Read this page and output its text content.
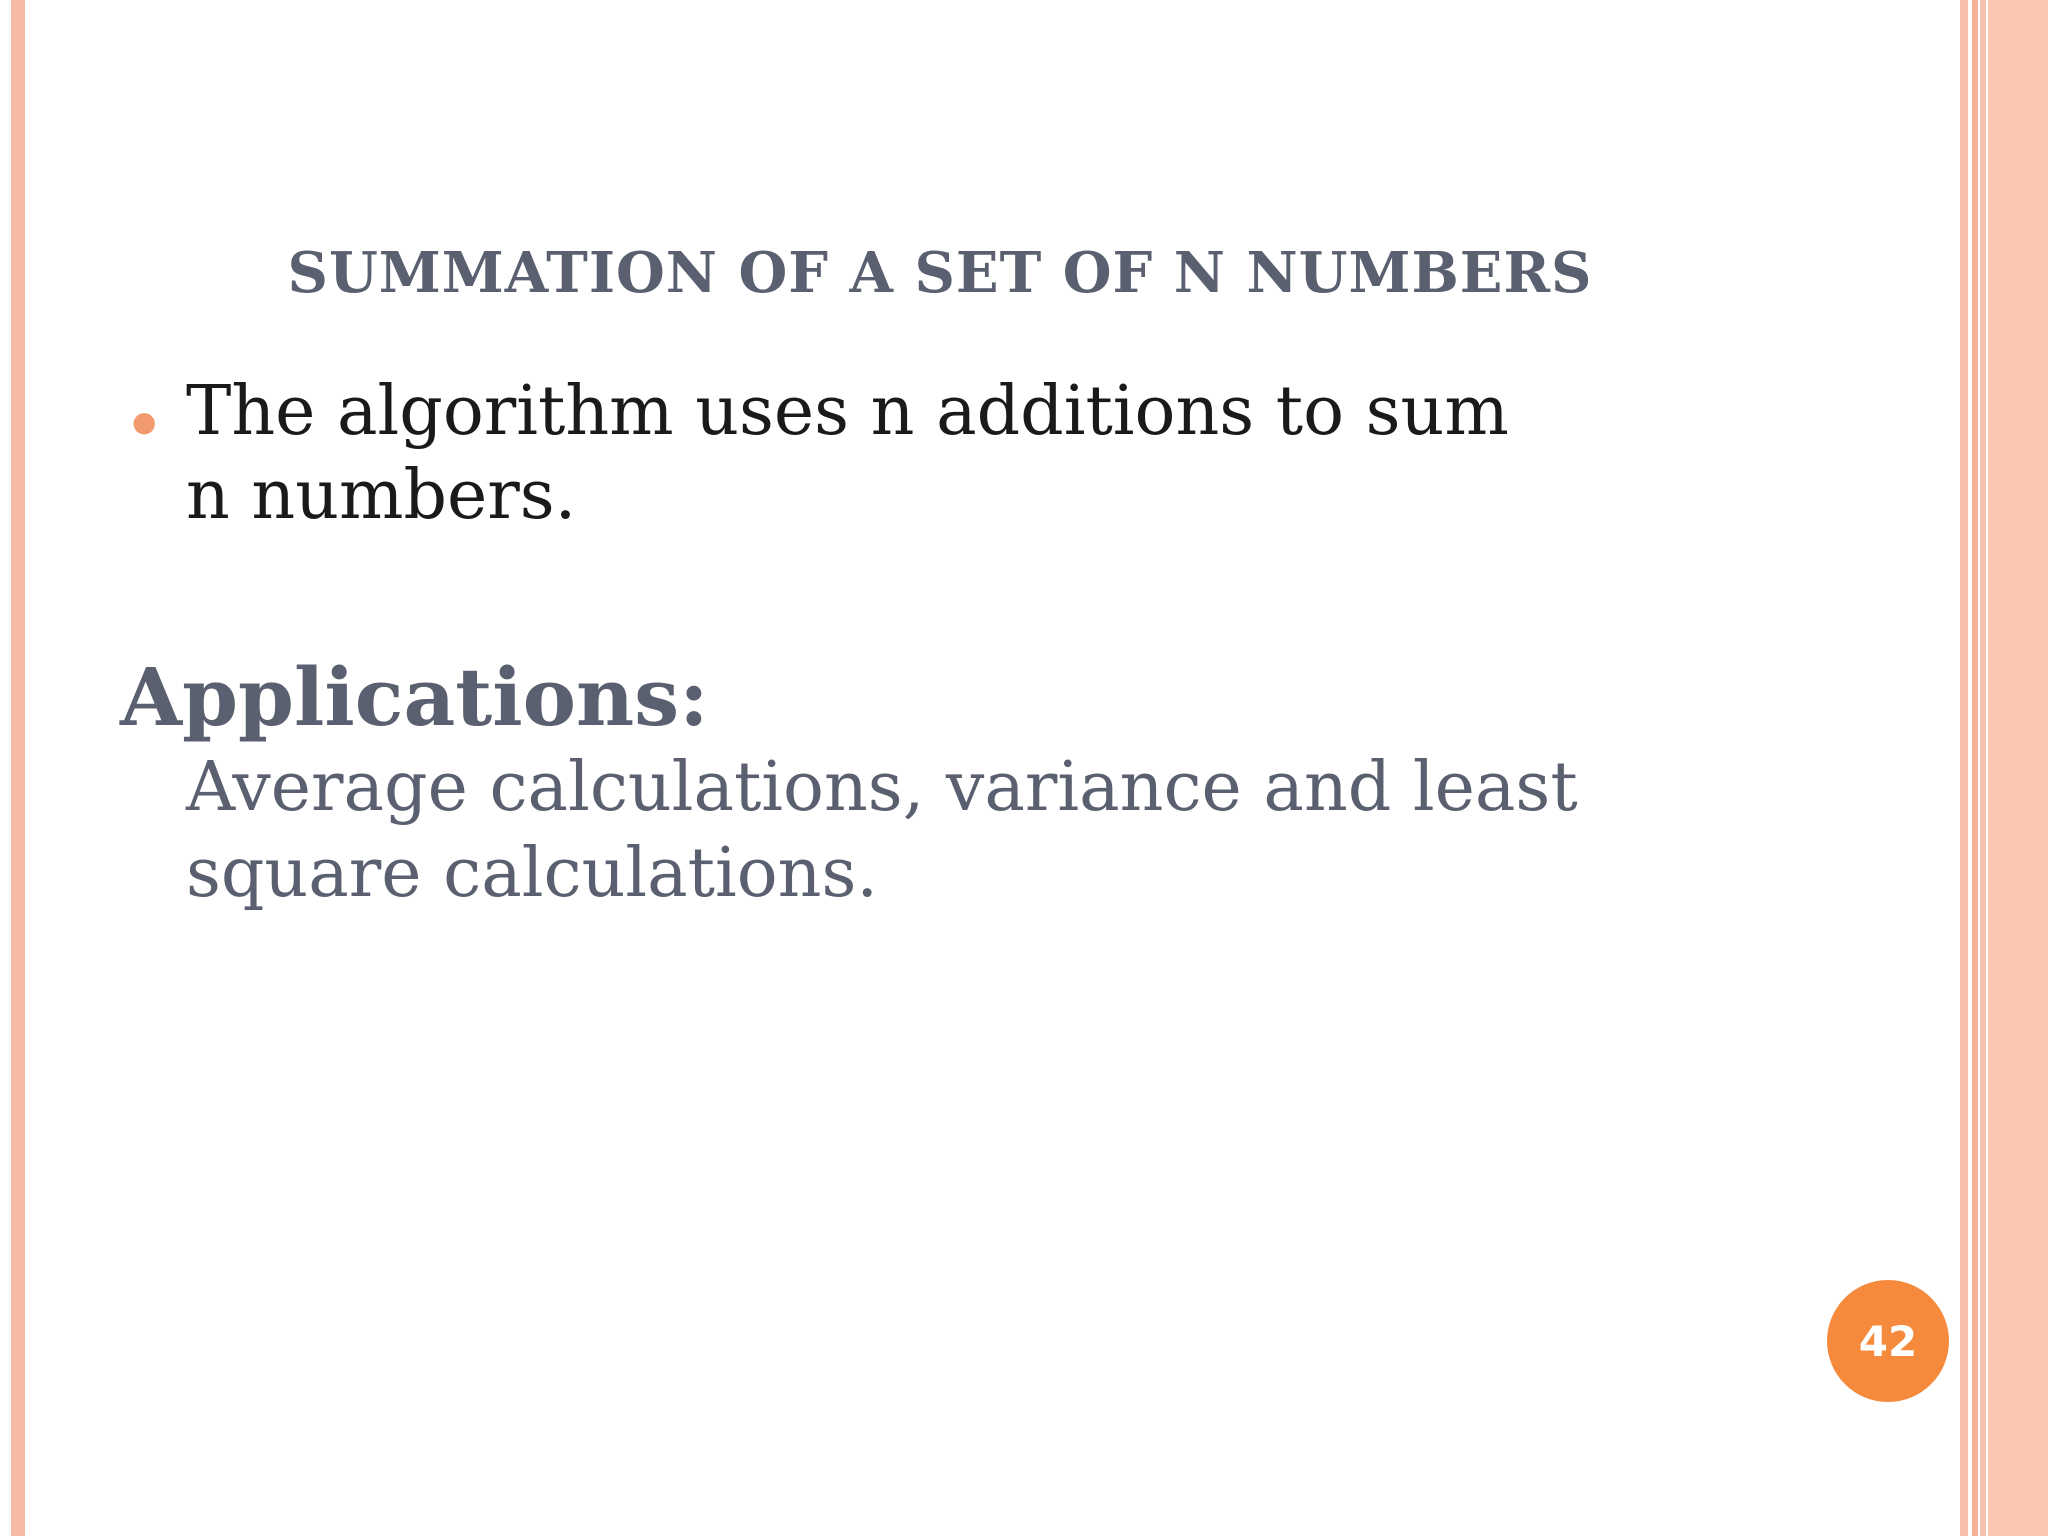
SUMMATION OF A SET OF N NUMBERS
● The algorithm uses n additions to sum n numbers.

Applications:

Average calculations, variance and least square calculations.

42
